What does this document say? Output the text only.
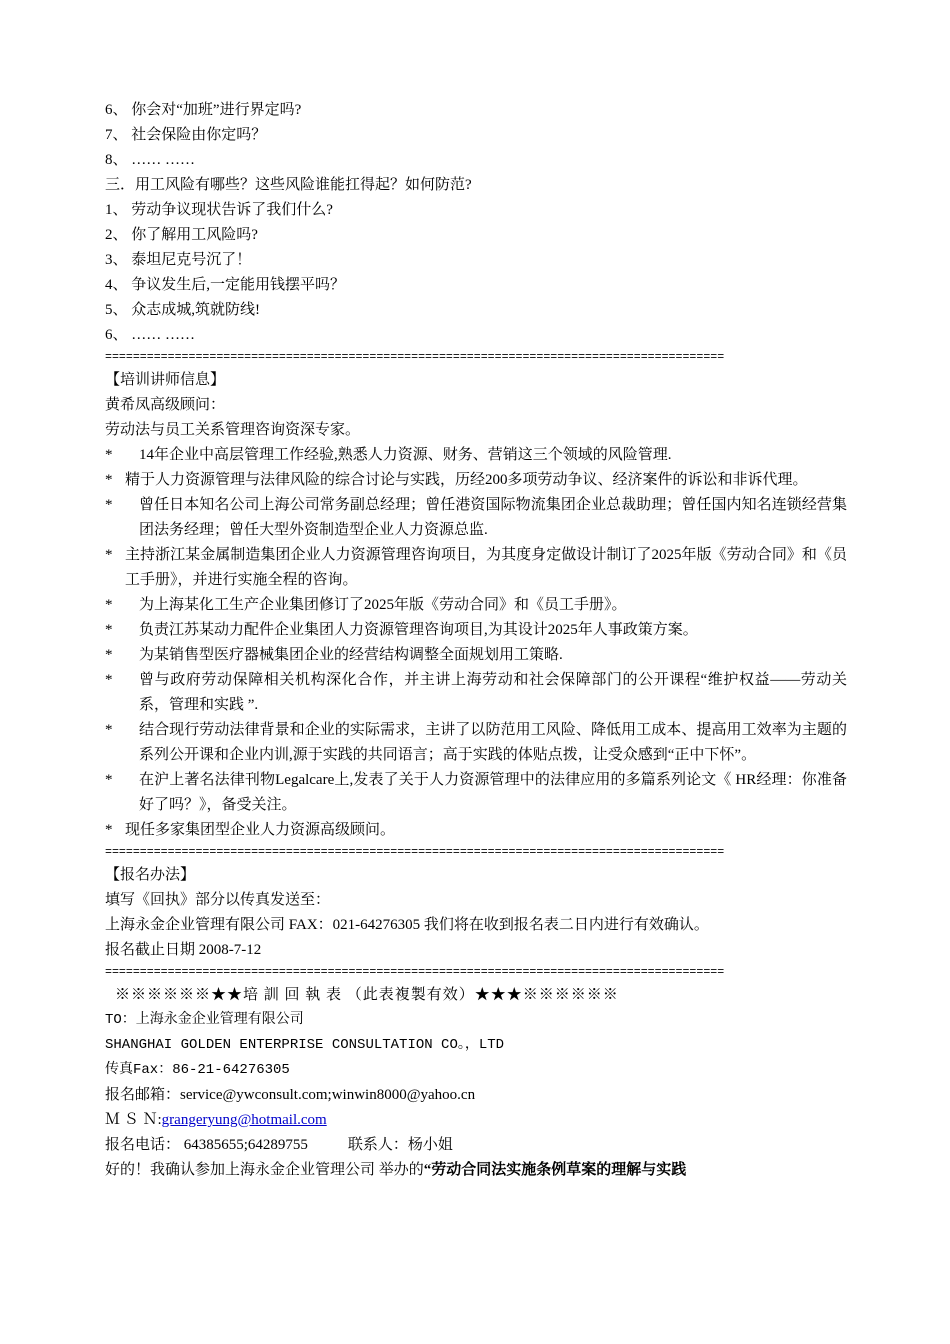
6、 你会对“加班”进行界定吗?
7、 社会保险由你定吗？
8、 …… ……
三．用工风险有哪些？这些风险谁能扛得起？如何防范?
1、 劳动争议现状告诉了我们什么?
2、 你了解用工风险吗?
3、 泰坦尼克号沉了！
4、 争议发生后,一定能用钱摆平吗？
5、 众志成城,筑就防线!
6、 …… ……
=========================================================================================
【培训讲师信息】
黄希凤高级顾问：
劳动法与员工关系管理咨询资深专家。
*	14年企业中高层管理工作经验,熟悉人力资源、财务、营销这三个领域的风险管理.
* 精于人力资源管理与法律风险的综合讨论与实践，历经200多项劳动争议、经济案件的诉讼和非诉代理。
*	曾任日本知名公司上海公司常务副总经理；曾任港资国际物流集团企业总裁助理；曾任国内知名连锁经营集团法务经理；曾任大型外资制造型企业人力资源总监.
* 主持浙江某金属制造集团企业人力资源管理咨询项目，为其度身定做设计制订了2025年版《劳动合同》和《员工手册》，并进行实施全程的咨询。
*	为上海某化工生产企业集团修订了2025年版《劳动合同》和《员工手册》。
*	负责江苏某动力配件企业集团人力资源管理咨询项目,为其设计2025年人事政策方案。
*	为某销售型医疗器械集团企业的经营结构调整全面规划用工策略.
*	曾与政府劳动保障相关机构深化合作，并主讲上海劳动和社会保障部门的公开课程“维护权益——劳动关系，管理和实践 ”.
*	结合现行劳动法律背景和企业的实际需求，主讲了以防范用工风险、降低用工成本、提高用工效率为主题的系列公开课和企业内训,源于实践的共同语言；高于实践的体贴点拨，让受众感到“正中下怀”。
*	在沪上著名法律刊物Legalcare上,发表了关于人力资源管理中的法律应用的多篇系列论文《 HR经理：你准备好了吗？》，备受关注。
* 现任多家集团型企业人力资源高级顾问。
=========================================================================================
【报名办法】
填写《回执》部分以传真发送至：
上海永金企业管理有限公司 FAX：021-64276305 我们将在收到报名表二日内进行有效确认。
报名截止日期 2008-7-12
=========================================================================================
※※※※※※★★培 訓 回 執 表 （此表複製有效）★★★※※※※※※
TO：上海永金企业管理有限公司
SHANGHAI GOLDEN ENTERPRISE CONSULTATION CO。，LTD
传真Fax：86-21-64276305
报名邮箱：service@ywconsult.com;winwin8000@yahoo.cn
Ｍ Ｓ Ｎ:grangeryung@hotmail.com
报名电话： 64385655;64289755	联系人：杨小姐
好的！我确认参加上海永金企业管理公司 举办的“劳动合同法实施条例草案的理解与实践
